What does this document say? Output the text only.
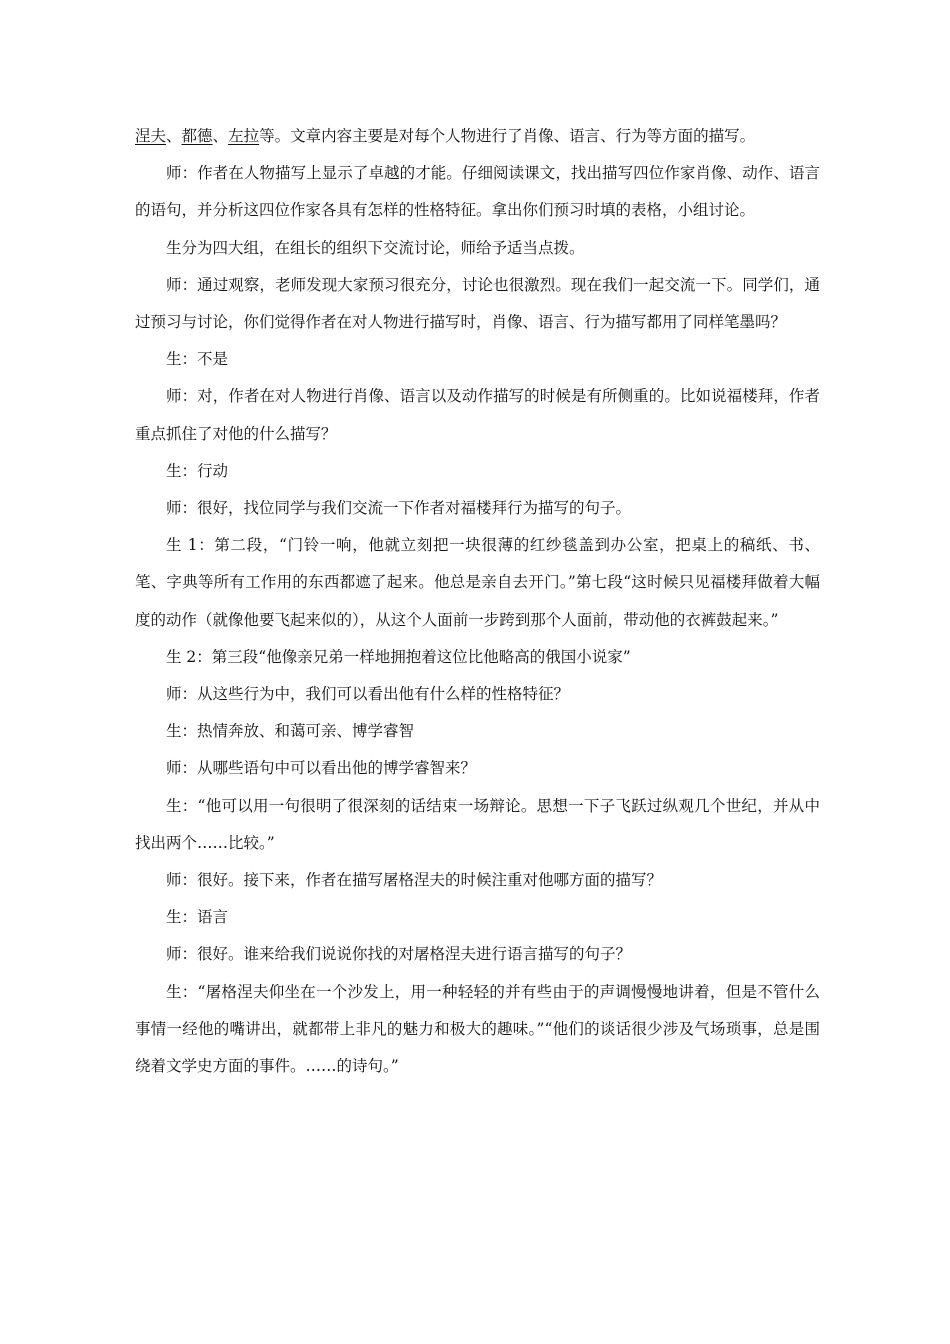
涅夫、都德、左拉等。文章内容主要是对每个人物进行了肖像、语言、行为等方面的描写。

师：作者在人物描写上显示了卓越的才能。仔细阅读课文，找出描写四位作家肖像、动作、语言的语句，并分析这四位作家各具有怎样的性格特征。拿出你们预习时填的表格，小组讨论。

生分为四大组，在组长的组织下交流讨论，师给予适当点拨。

师：通过观察，老师发现大家预习很充分，讨论也很激烈。现在我们一起交流一下。同学们，通过预习与讨论，你们觉得作者在对人物进行描写时，肖像、语言、行为描写都用了同样笔墨吗？

生：不是

师：对，作者在对人物进行肖像、语言以及动作描写的时候是有所侧重的。比如说福楼拜，作者重点抓住了对他的什么描写？

生：行动

师：很好，找位同学与我们交流一下作者对福楼拜行为描写的句子。

生 1：第二段，“门铃一响，他就立刻把一块很薄的红纱毯盖到办公室，把桌上的稿纸、书、笔、字典等所有工作用的东西都遮了起来。他总是亲自去开门。”第七段“这时候只见福楼拜做着大幅度的动作（就像他要飞起来似的），从这个人面前一步跨到那个人面前，带动他的衣裤鼓起来。”

生 2：第三段“他像亲兄弟一样地拥抱着这位比他略高的俄国小说家”

师：从这些行为中，我们可以看出他有什么样的性格特征？

生：热情奔放、和蔼可亲、博学睿智

师：从哪些语句中可以看出他的博学睿智来？

生：“他可以用一句很明了很深刻的话结束一场辩论。思想一下子飞跃过纵观几个世纪，并从中找出两个……比较。”

师：很好。接下来，作者在描写屠格涅夫的时候注重对他哪方面的描写？

生：语言

师：很好。谁来给我们说说你找的对屠格涅夫进行语言描写的句子？

生：“屠格涅夫仰坐在一个沙发上，用一种轻轻的并有些由于的声调慢慢地讲着，但是不管什么事情一经他的嘴讲出，就都带上非凡的魅力和极大的趣味。”“他们的谈话很少涉及气场琐事，总是围绕着文学史方面的事件。……的诗句。”
